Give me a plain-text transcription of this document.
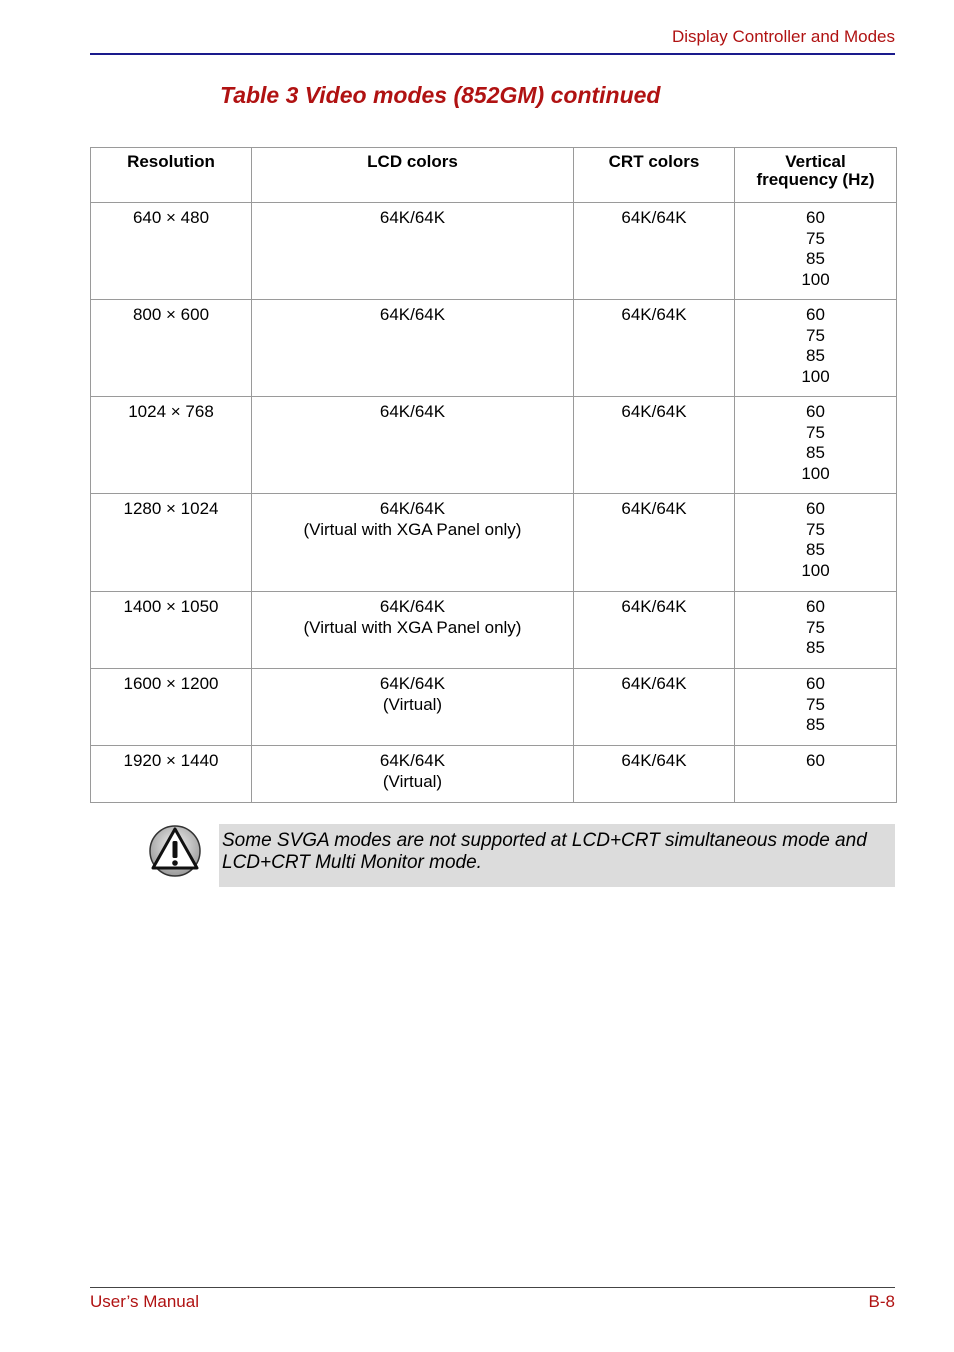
Display Controller and Modes
Table 3 Video modes (852GM) continued
Resolution	LCD colors	CRT colors	Vertical
frequency (Hz)

640 × 480	64K/64K	64K/64K	60
75
85
100

800 × 600	64K/64K	64K/64K	60
75
85
100

1024 × 768	64K/64K	64K/64K	60
75
85
100

1280 × 1024	64K/64K
(Virtual with XGA Panel only)	64K/64K	60
75
85
100

1400 × 1050	64K/64K
(Virtual with XGA Panel only)	64K/64K	60
75
85

1600 × 1200	64K/64K
(Virtual)	64K/64K	60
75
85

1920 × 1440	64K/64K
(Virtual)	64K/64K	60
Some SVGA modes are not supported at LCD+CRT simultaneous mode and LCD+CRT Multi Monitor mode.
User’s Manual	B-8
